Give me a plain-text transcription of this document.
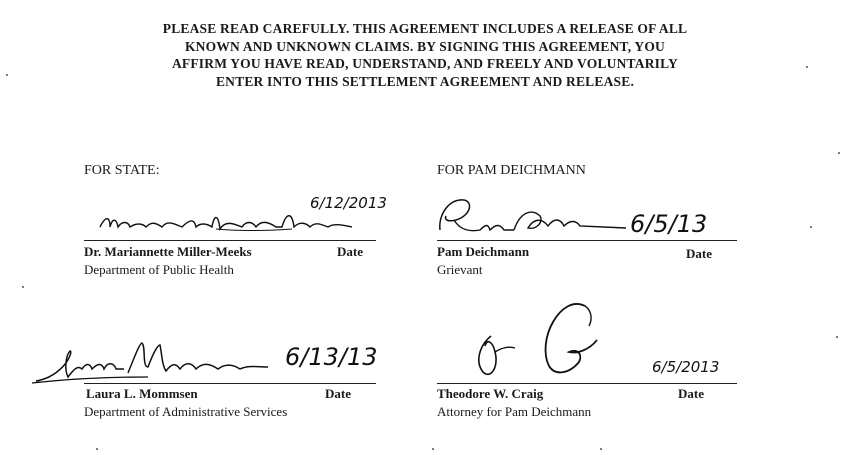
PLEASE READ CAREFULLY. THIS AGREEMENT INCLUDES A RELEASE OF ALL
KNOWN AND UNKNOWN CLAIMS. BY SIGNING THIS AGREEMENT, YOU
AFFIRM YOU HAVE READ, UNDERSTAND, AND FREELY AND VOLUNTARILY
ENTER INTO THIS SETTLEMENT AGREEMENT AND RELEASE.
FOR STATE:
6/12/2013
Dr. Mariannette Miller-Meeks	Date
Department of Public Health
6/13/13
Laura L. Mommsen	Date
Department of Administrative Services
FOR PAM DEICHMANN
6/5/13
Pam Deichmann	Date
Grievant
6/5/2013
Theodore W. Craig	Date
Attorney for Pam Deichmann
